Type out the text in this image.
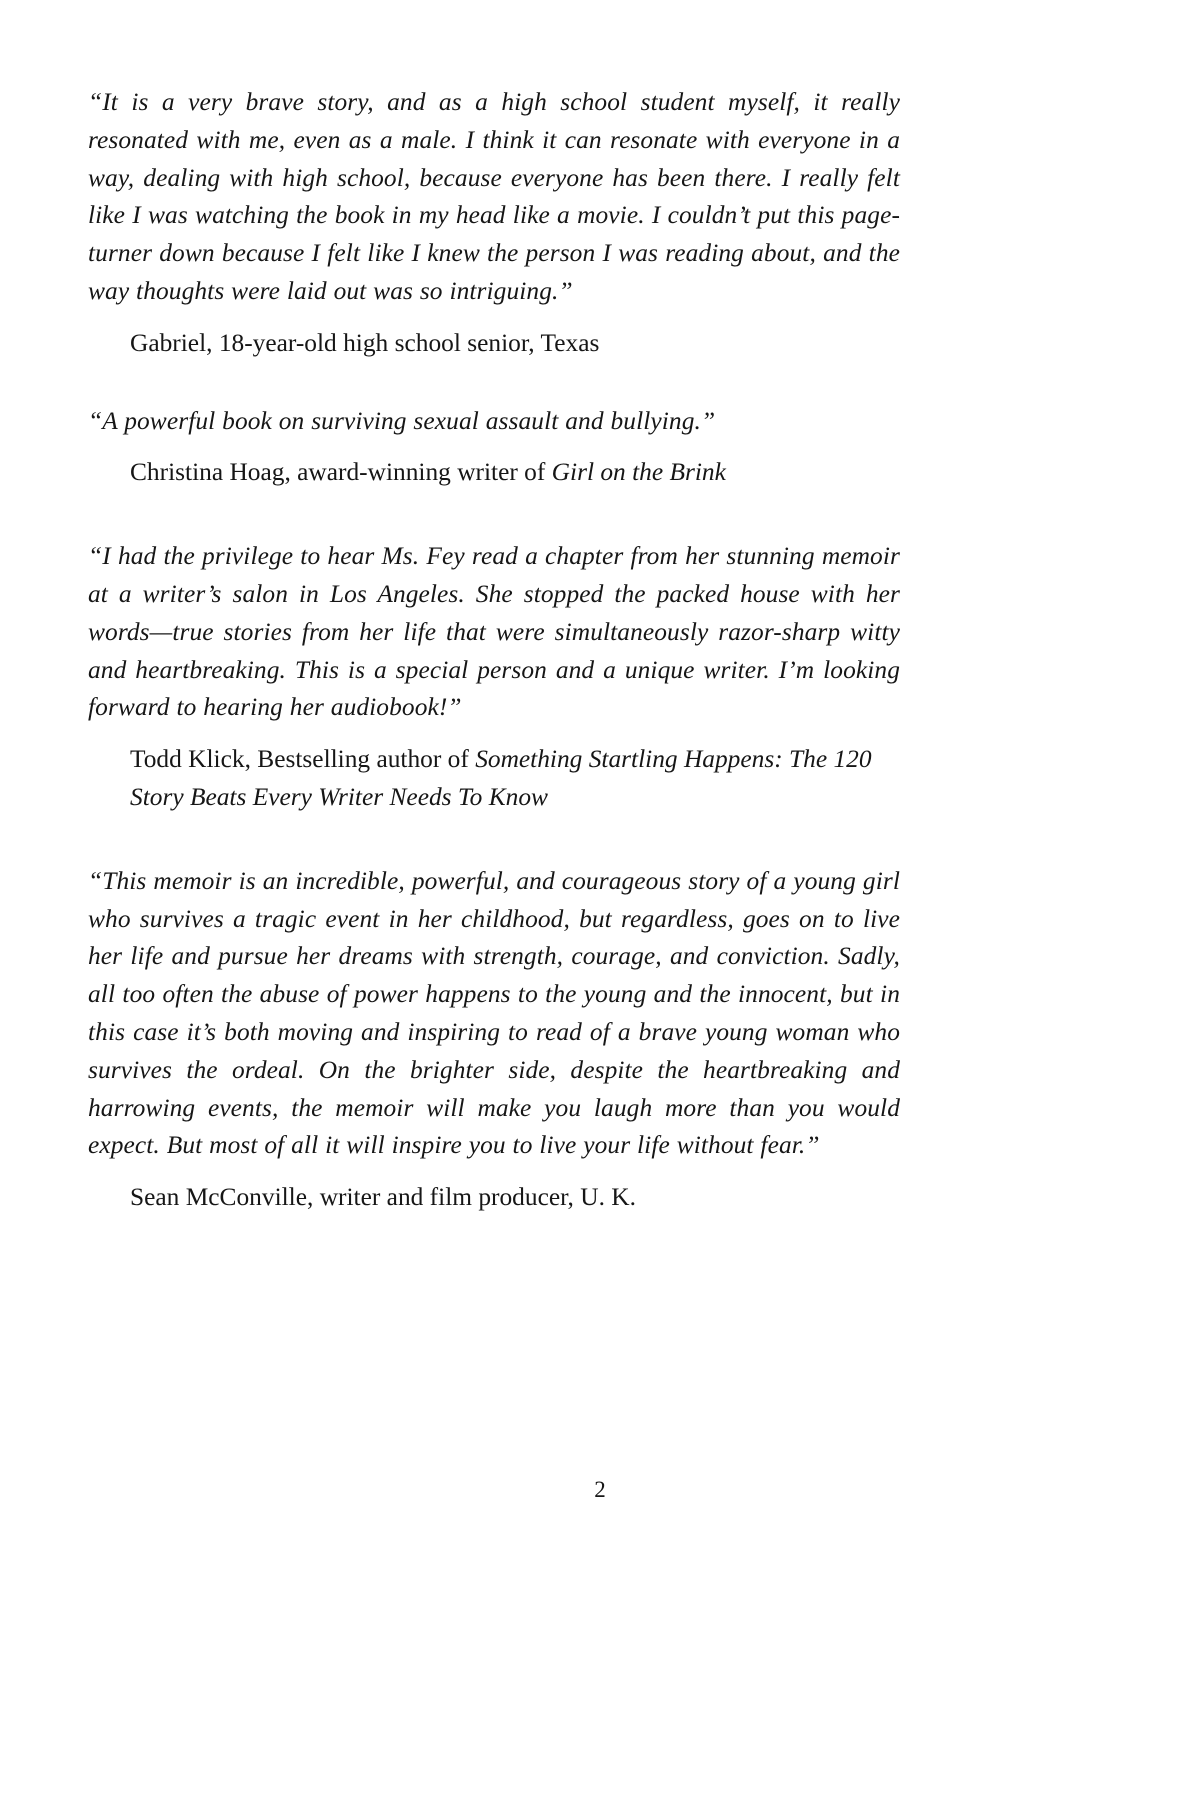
“It is a very brave story, and as a high school student myself, it really resonated with me, even as a male. I think it can resonate with everyone in a way, dealing with high school, because everyone has been there. I really felt like I was watching the book in my head like a movie. I couldn’t put this page-turner down because I felt like I knew the person I was reading about, and the way thoughts were laid out was so intriguing.”

Gabriel, 18-year-old high school senior, Texas

“A powerful book on surviving sexual assault and bullying.”

Christina Hoag, award-winning writer of Girl on the Brink

“I had the privilege to hear Ms. Fey read a chapter from her stunning memoir at a writer’s salon in Los Angeles. She stopped the packed house with her words—true stories from her life that were simultaneously razor-sharp witty and heartbreaking. This is a special person and a unique writer. I’m looking forward to hearing her audiobook!”

Todd Klick, Bestselling author of Something Startling Happens: The 120 Story Beats Every Writer Needs To Know

“This memoir is an incredible, powerful, and courageous story of a young girl who survives a tragic event in her childhood, but regardless, goes on to live her life and pursue her dreams with strength, courage, and conviction. Sadly, all too often the abuse of power happens to the young and the innocent, but in this case it’s both moving and inspiring to read of a brave young woman who survives the ordeal. On the brighter side, despite the heartbreaking and harrowing events, the memoir will make you laugh more than you would expect. But most of all it will inspire you to live your life without fear.”

Sean McConville, writer and film producer, U. K.

2
